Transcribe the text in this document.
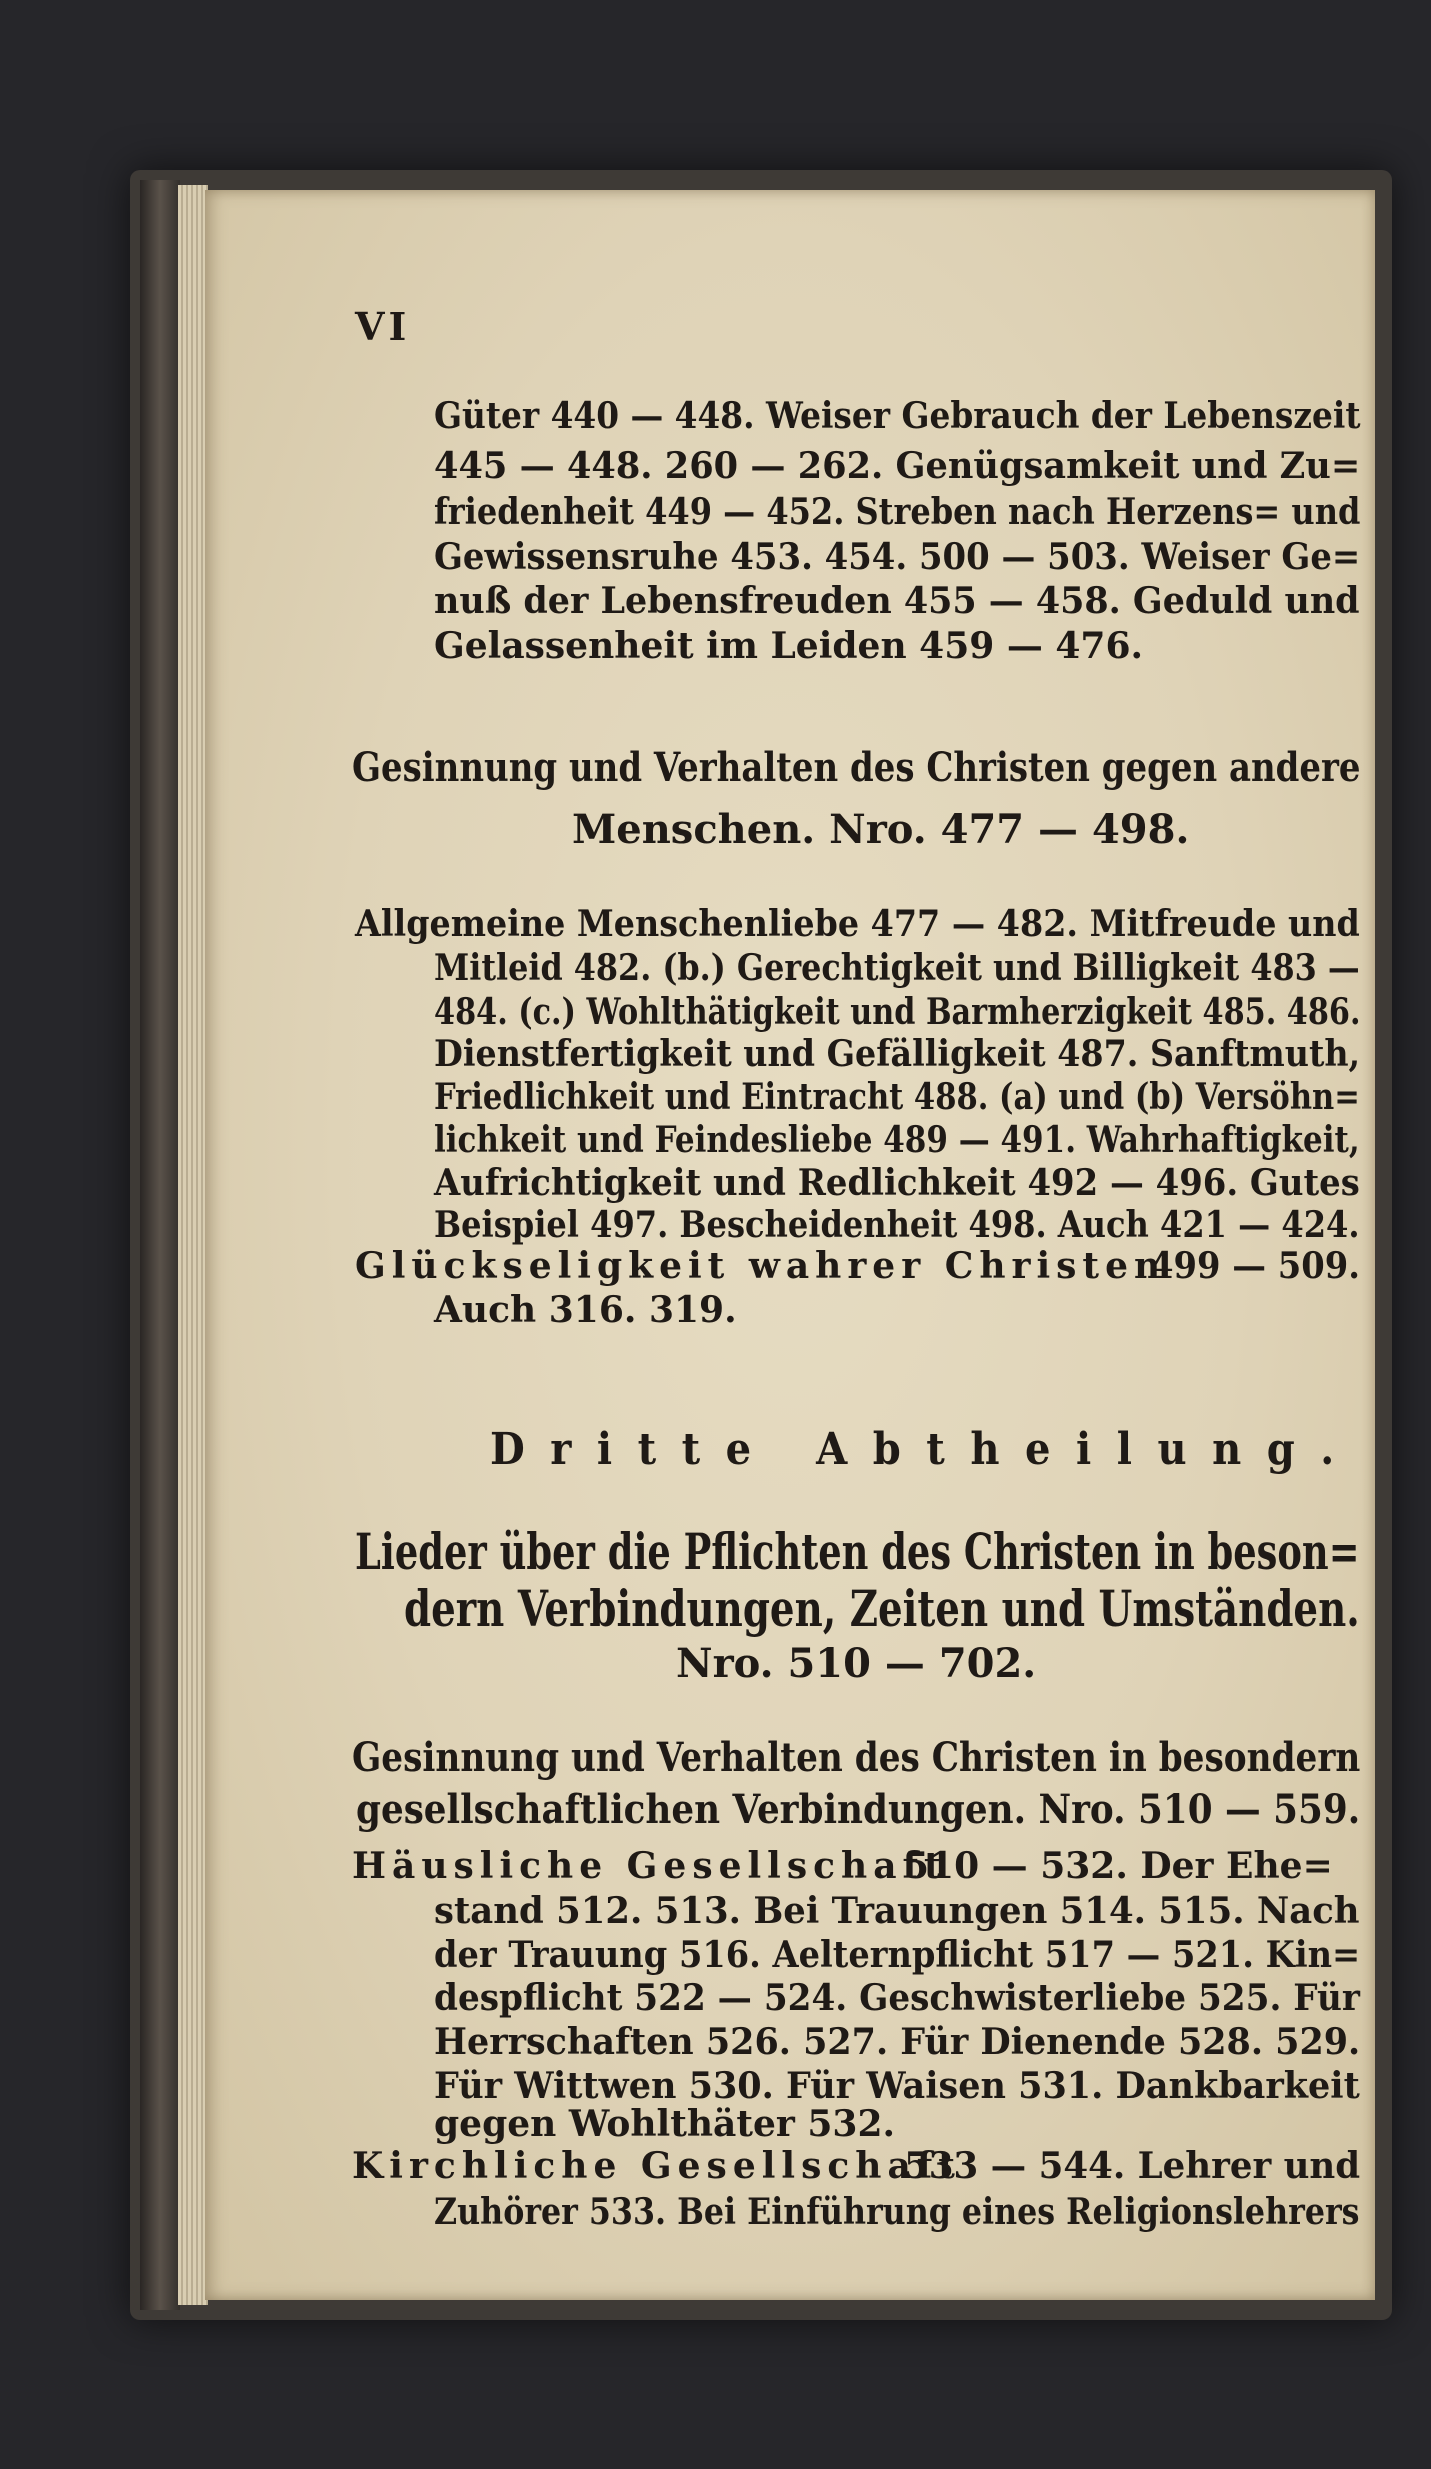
VI
Güter 440 — 448. Weiser Gebrauch der Lebenszeit
445 — 448. 260 — 262. Genügsamkeit und Zu=
friedenheit 449 — 452. Streben nach Herzens= und
Gewissensruhe 453. 454. 500 — 503. Weiser Ge=
nuß der Lebensfreuden 455 — 458. Geduld und
Gelassenheit im Leiden 459 — 476.
Gesinnung und Verhalten des Christen gegen andere
Menschen. Nro. 477 — 498.
Allgemeine Menschenliebe 477 — 482. Mitfreude und
Mitleid 482. (b.) Gerechtigkeit und Billigkeit 483 —
484. (c.) Wohlthätigkeit und Barmherzigkeit 485. 486.
Dienstfertigkeit und Gefälligkeit 487. Sanftmuth,
Friedlichkeit und Eintracht 488. (a) und (b) Versöhn=
lichkeit und Feindesliebe 489 — 491. Wahrhaftigkeit,
Aufrichtigkeit und Redlichkeit 492 — 496. Gutes
Beispiel 497. Bescheidenheit 498. Auch 421 — 424.
Glückseligkeit wahrer Christen
499 — 509.
Auch 316. 319.
Dritte Abtheilung.
Lieder über die Pflichten des Christen in beson=
dern Verbindungen, Zeiten und Umständen.
Nro. 510 — 702.
Gesinnung und Verhalten des Christen in besondern
gesellschaftlichen Verbindungen. Nro. 510 — 559.
Häusliche Gesellschaft
510 — 532. Der Ehe=
stand 512. 513. Bei Trauungen 514. 515. Nach
der Trauung 516. Aelternpflicht 517 — 521. Kin=
despflicht 522 — 524. Geschwisterliebe 525. Für
Herrschaften 526. 527. Für Dienende 528. 529.
Für Wittwen 530. Für Waisen 531. Dankbarkeit
gegen Wohlthäter 532.
Kirchliche Gesellschaft
533 — 544. Lehrer und
Zuhörer 533. Bei Einführung eines Religionslehrers
